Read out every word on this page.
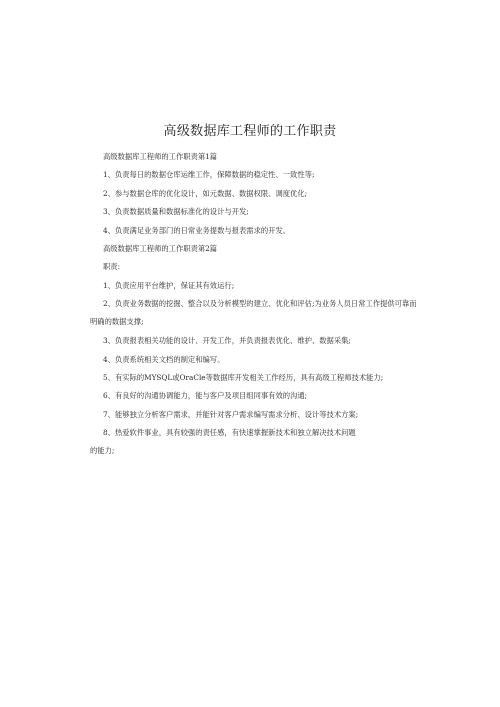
高级数据库工程师的工作职责
高级数据库工程师的工作职责第1篇
1、负责每日的数据仓库运维工作，保障数据的稳定性、一致性等;
2、参与数据仓库的优化设计，如元数据、数据权限、调度优化;
3、负责数据质量和数据标准化的设计与开发;
4、负责满足业务部门的日常业务提数与报表需求的开发。
高级数据库工程师的工作职责第2篇
职责:
1、负责应用平台维护，保证其有效运行;
2、负责业务数据的挖掘、整合以及分析模型的建立、优化和评估;为业务人员日常工作提供可靠而明确的数据支撑;
3、负责报表相关功能的设计、开发工作，并负责报表优化、维护、数据采集;
4、负责系统相关文档的制定和编写。
5、有实际的MYSQL或OraCle等数据库开发相关工作经历，具有高级工程师技术能力;
6、有良好的沟通协调能力，能与客户及项目组同事有效的沟通;
7、能够独立分析客户需求，并能针对客户需求编写需求分析、设计等技术方案;
8、热爱软件事业，具有较强的责任感，有快速掌握新技术和独立解决技术问题的能力;
